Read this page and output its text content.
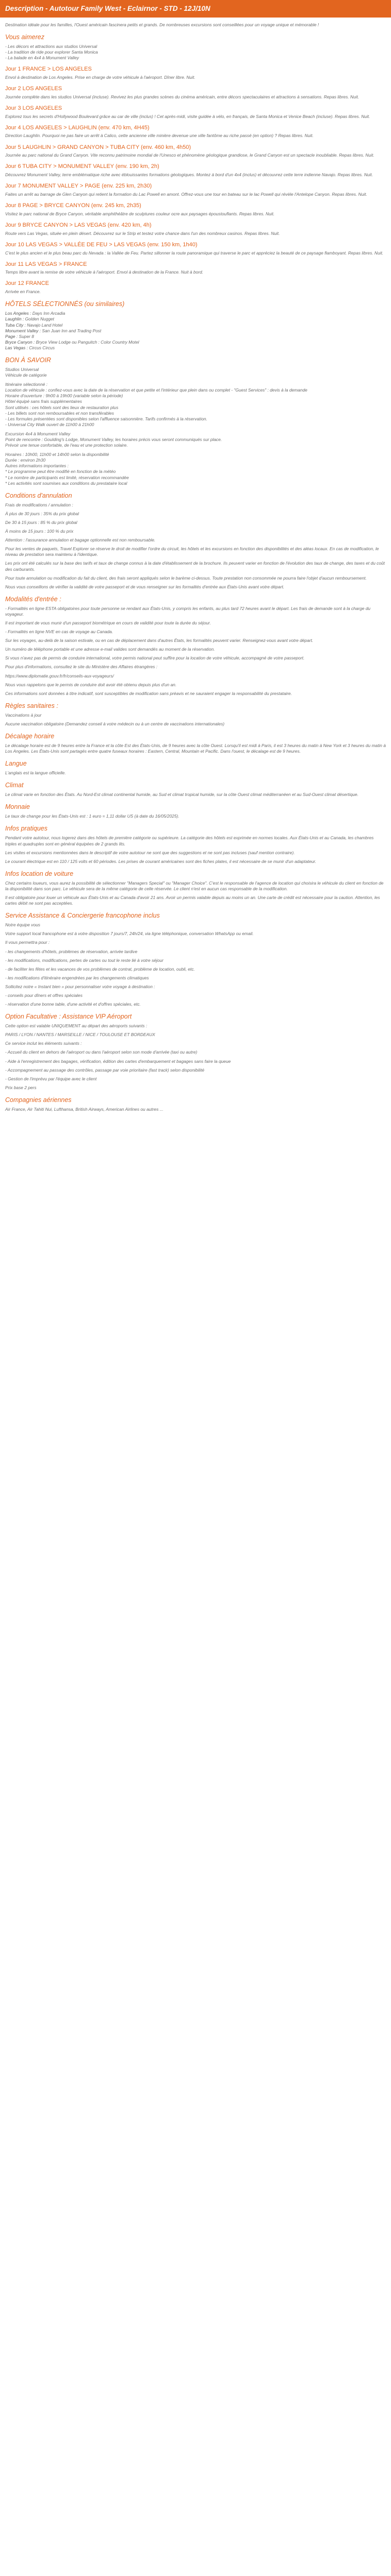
Description - Autotour Family West - Eclairnor - STD - 12J/10N

Destination idéale pour les familles, l'Ouest américain fascinera petits et grands. De nombreuses excursions sont conseillées pour un voyage unique et mémorable !

Vous aimerez
- Les décors et attractions aux studios Universal
- La tradition de ride pour explorer Santa Monica
- La balade en 4x4 à Monument Valley
Jour 1 FRANCE > LOS ANGELES

Envol à destination de Los Angeles. Prise en charge de votre véhicule à l'aéroport. Dîner libre. Nuit.

Jour 2 LOS ANGELES

Journée complète dans les studios Universal (incluse). Revivez les plus grandes scènes du cinéma américain, entre décors spectaculaires et attractions à sensations. Repas libres. Nuit.

Jour 3 LOS ANGELES

Explorez tous les secrets d'Hollywood Boulevard grâce au car de ville (inclus) ! Cet après-midi, visite guidée à vélo, en français, de Santa Monica et Venice Beach (incluse). Repas libres. Nuit.

Jour 4 LOS ANGELES > LAUGHLIN (env. 470 km, 4H45)

Direction Laughlin. Pourquoi ne pas faire un arrêt à Calico, cette ancienne ville minière devenue une ville fantôme au riche passé (en option) ? Repas libres. Nuit.

Jour 5 LAUGHLIN > GRAND CANYON > TUBA CITY (env. 460 km, 4h50)

Journée au parc national du Grand Canyon. Vite reconnu patrimoine mondial de l'Unesco et phénomène géologique grandiose, le Grand Canyon est un spectacle inoubliable. Repas libres. Nuit.

Jour 6 TUBA CITY > MONUMENT VALLEY (env. 190 km, 2h)

Découvrez Monument Valley, terre emblématique riche avec éblouissantes formations géologiques. Montez à bord d'un 4x4 (inclus) et découvrez cette terre indienne Navajo. Repas libres. Nuit.

Jour 7 MONUMENT VALLEY > PAGE (env. 225 km, 2h30)

Faites un arrêt au barrage de Glen Canyon qui retient la formation du Lac Powell en amont. Offrez-vous une tour en bateau sur le lac Powell qui révèle l'Antelope Canyon. Repas libres. Nuit.

Jour 8 PAGE > BRYCE CANYON (env. 245 km, 2h35)

Visitez le parc national de Bryce Canyon, véritable amphithéâtre de sculptures couleur ocre aux paysages époustouflants. Repas libres. Nuit.

Jour 9 BRYCE CANYON > LAS VEGAS (env. 420 km, 4h)

Route vers Las Vegas, située en plein désert. Découvrez sur le Strip et testez votre chance dans l'un des nombreux casinos. Repas libres. Nuit.

Jour 10 LAS VEGAS > VALLÉE DE FEU > LAS VEGAS (env. 150 km, 1h40)

C'est le plus ancien et le plus beau parc du Nevada : la Vallée de Feu. Partez sillonner la route panoramique qui traverse le parc et appréciez la beauté de ce paysage flamboyant. Repas libres. Nuit.

Jour 11 LAS VEGAS > FRANCE

Temps libre avant la remise de votre véhicule à l'aéroport. Envol à destination de la France. Nuit à bord.

Jour 12 FRANCE

Arrivée en France.

HÔTELS SÉLECTIONNÉS (ou similaires)
Los Angeles : Days Inn Arcadia
Laughlin : Golden Nugget
Tuba City : Navajo Land Hotel
Monument Valley : San Juan Inn and Trading Post
Page : Super 8
Bryce Canyon : Bryce View Lodge ou Panguitch : Color Country Motel
Las Vegas : Circus Circus
BON À SAVOIR
Studios Universal
Véhicule de catégorie
Itinéraire sélectionné :
Location de véhicule : confiez-vous avec la date de la réservation et que petite et l'intérieur que plein dans ou complet - "Guest Services" : devis à la demande
Horaire d'ouverture : 9h00 à 19h00 (variable selon la période)
Hôtel équipé sans frais supplémentaires
Sont utilisés : ces hôtels sont des lieux de restauration plus
- Les billets sont non remboursables et non transférables
- Les formules présentées sont disponibles selon l'affluence saisonnière. Tarifs confirmés à la réservation.
- Universal City Walk ouvert de 11h00 à 21h00
Excursion 4x4 à Monument Valley
Point de rencontre : Goulding's Lodge, Monument Valley, les horaires précis vous seront communiqués sur place.
Prévoir une tenue confortable, de l'eau et une protection solaire.
Horaires : 10h00, 11h00 et 14h00 selon la disponibilité
Durée : environ 2h30
Autres informations importantes :
* Le programme peut être modifié en fonction de la météo
* Le nombre de participants est limité, réservation recommandée
* Les activités sont soumises aux conditions du prestataire local
Conditions d'annulation

Frais de modifications / annulation :

À plus de 30 jours : 35% du prix global

De 30 à 15 jours : 85 % du prix global

À moins de 15 jours : 100 % du prix

Attention : l'assurance annulation et bagage optionnelle est non remboursable.

Pour les ventes de paquets, Travel Explorer se réserve le droit de modifier l'ordre du circuit, les hôtels et les excursions en fonction des disponibilités et des aléas locaux. En cas de modification, le niveau de prestation sera maintenu à l'identique.

Les prix ont été calculés sur la base des tarifs et taux de change connus à la date d'établissement de la brochure. Ils peuvent varier en fonction de l'évolution des taux de change, des taxes et du coût des carburants.

Pour toute annulation ou modification du fait du client, des frais seront appliqués selon le barème ci-dessus. Toute prestation non consommée ne pourra faire l'objet d'aucun remboursement.

Nous vous conseillons de vérifier la validité de votre passeport et de vous renseigner sur les formalités d'entrée aux États-Unis avant votre départ.

Modalités d'entrée :

- Formalités en ligne ESTA obligatoires pour toute personne se rendant aux États-Unis, y compris les enfants, au plus tard 72 heures avant le départ. Les frais de demande sont à la charge du voyageur.

Il est important de vous munir d'un passeport biométrique en cours de validité pour toute la durée du séjour.

- Formalités en ligne NVE en cas de voyage au Canada.

Sur les voyages, au-delà de la saison estivale, ou en cas de déplacement dans d'autres États, les formalités peuvent varier. Renseignez-vous avant votre départ.

Un numéro de téléphone portable et une adresse e-mail valides sont demandés au moment de la réservation.

Si vous n'avez pas de permis de conduire international, votre permis national peut suffire pour la location de votre véhicule, accompagné de votre passeport.

Pour plus d'informations, consultez le site du Ministère des Affaires étrangères :

https://www.diplomatie.gouv.fr/fr/conseils-aux-voyageurs/

Nous vous rappelons que le permis de conduire doit avoir été obtenu depuis plus d'un an.

Ces informations sont données à titre indicatif, sont susceptibles de modification sans préavis et ne sauraient engager la responsabilité du prestataire.

Règles sanitaires :

Vaccinations à jour

Aucune vaccination obligatoire (Demandez conseil à votre médecin ou à un centre de vaccinations internationales)

Décalage horaire

Le décalage horaire est de 9 heures entre la France et la côte Est des États-Unis, de 9 heures avec la côte Ouest. Lorsqu'il est midi à Paris, il est 3 heures du matin à New York et 3 heures du matin à Los Angeles. Les États-Unis sont partagés entre quatre fuseaux horaires : Eastern, Central, Mountain et Pacific. Dans l'ouest, le décalage est de 9 heures.

Langue

L'anglais est la langue officielle.

Climat

Le climat varie en fonction des États. Au Nord-Est climat continental humide, au Sud et climat tropical humide, sur la côte Ouest climat méditerranéen et au Sud-Ouest climat désertique.

Monnaie

Le taux de change pour les États-Unis est : 1 euro = 1,11 dollar US (à date du 16/05/2025).

Infos pratiques

Pendant votre autotour, nous logerez dans des hôtels de première catégorie ou supérieure. La catégorie des hôtels est exprimée en normes locales. Aux États-Unis et au Canada, les chambres triples et quadruples sont en général équipées de 2 grands lits.

Les visites et excursions mentionnées dans le descriptif de votre autotour ne sont que des suggestions et ne sont pas incluses (sauf mention contraire).

Le courant électrique est en 110 / 125 volts et 60 périodes. Les prises de courant américaines sont des fiches plates, il est nécessaire de se munir d'un adaptateur.

Infos location de voiture

Chez certains loueurs, vous aurez la possibilité de sélectionner "Managers Special" ou "Manager Choice". C'est le responsable de l'agence de location qui choisira le véhicule du client en fonction de la disponibilité dans son parc. Le véhicule sera de la même catégorie de celle réservée. Le client n'est en aucun cas responsable de la modification.

Il est obligatoire pour louer un véhicule aux États-Unis et au Canada d'avoir 21 ans. Avoir un permis valable depuis au moins un an. Une carte de crédit est nécessaire pour la caution. Attention, les cartes débit ne sont pas acceptées.

Service Assistance & Conciergerie francophone inclus

Notre équipe vous

Votre support local francophone est à votre disposition 7 jours/7, 24h/24, via ligne téléphonique, conversation WhatsApp ou email.

Il vous permettra pour :

- les changements d'hôtels, problèmes de réservation, arrivée tardive

- les modifications, modifications, pertes de cartes ou tout le reste lié à votre séjour

- de faciliter les fêtes et les vacances de vos problèmes de contrat, problème de location, oubli, etc.

- les modifications d'itinéraire engendrées par les changements climatiques

Sollicitez notre « Instant bien » pour personnaliser votre voyage à destination :

- conseils pour dîners et offres spéciales

- réservation d'une bonne table, d'une activité et d'offres spéciales, etc.

Option Facultative : Assistance VIP Aéroport

Cette option est valable UNIQUEMENT au départ des aéroports suivants :

PARIS / LYON / NANTES / MARSEILLE / NICE / TOULOUSE ET BORDEAUX

Ce service inclut les éléments suivants :

- Accueil du client en dehors de l'aéroport ou dans l'aéroport selon son mode d'arrivée (taxi ou autre)

- Aide à l'enregistrement des bagages, vérification, édition des cartes d'embarquement et bagages sans faire la queue

- Accompagnement au passage des contrôles, passage par voie prioritaire (fast track) selon disponibilité

- Gestion de l'imprévu par l'équipe avec le client

Prix base 2 pers

Compagnies aériennes

Air France, Air Tahiti Nui, Lufthansa, British Airways, American Airlines ou autres ...
